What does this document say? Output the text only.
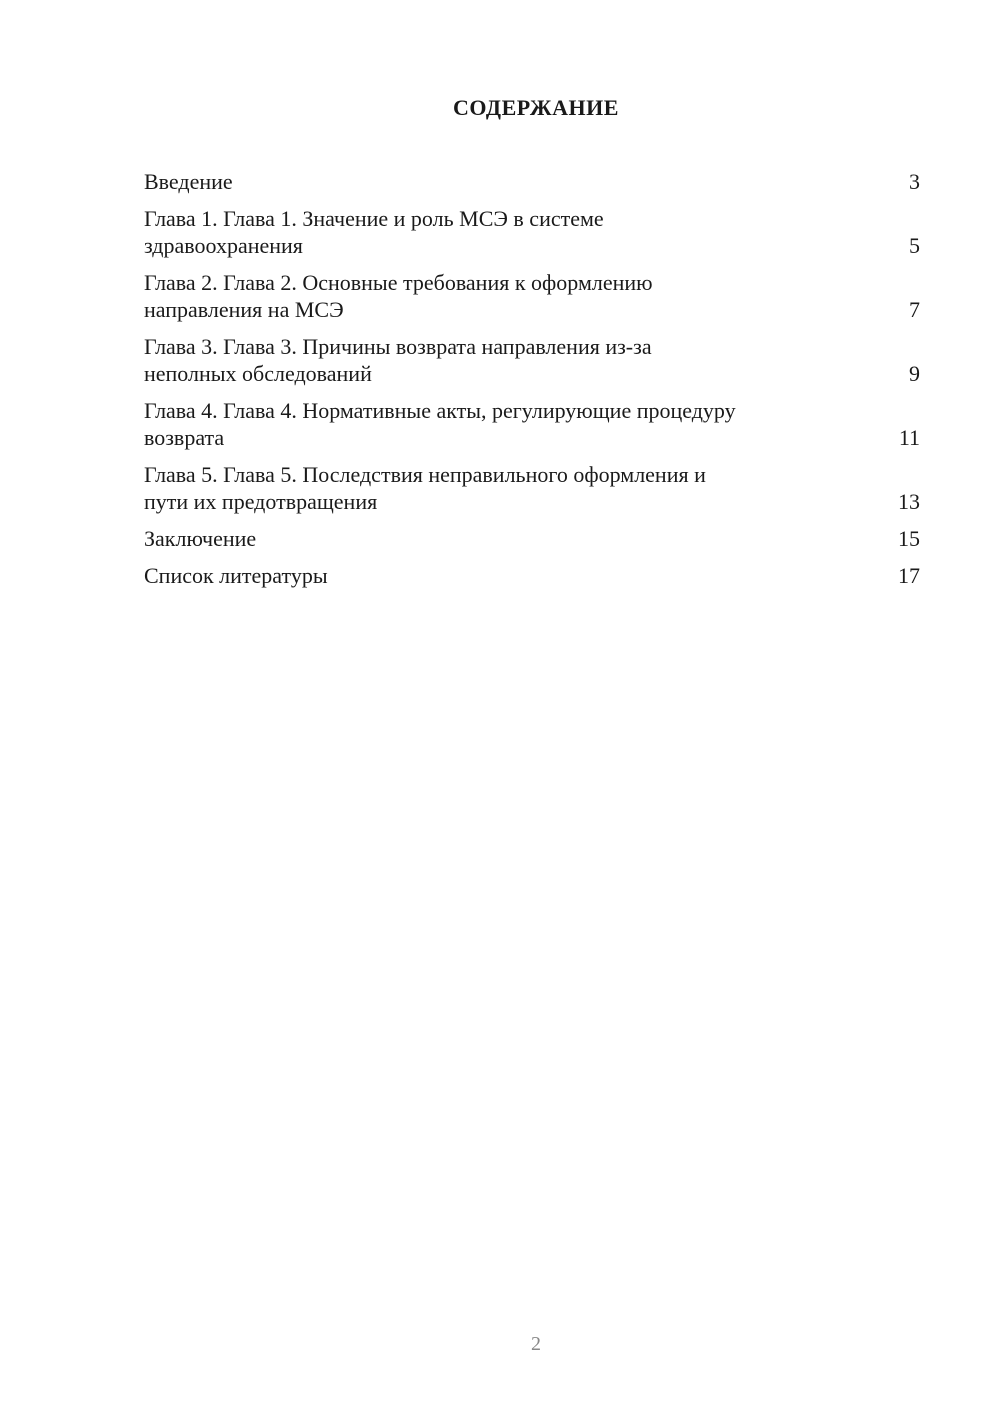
СОДЕРЖАНИЕ
Введение	3
Глава 1. Глава 1. Значение и роль МСЭ в системе
здравоохранения	5
Глава 2. Глава 2. Основные требования к оформлению
направления на МСЭ	7
Глава 3. Глава 3. Причины возврата направления из-за
неполных обследований	9
Глава 4. Глава 4. Нормативные акты, регулирующие процедуру
возврата	11
Глава 5. Глава 5. Последствия неправильного оформления и
пути их предотвращения	13
Заключение	15
Список литературы	17
2
